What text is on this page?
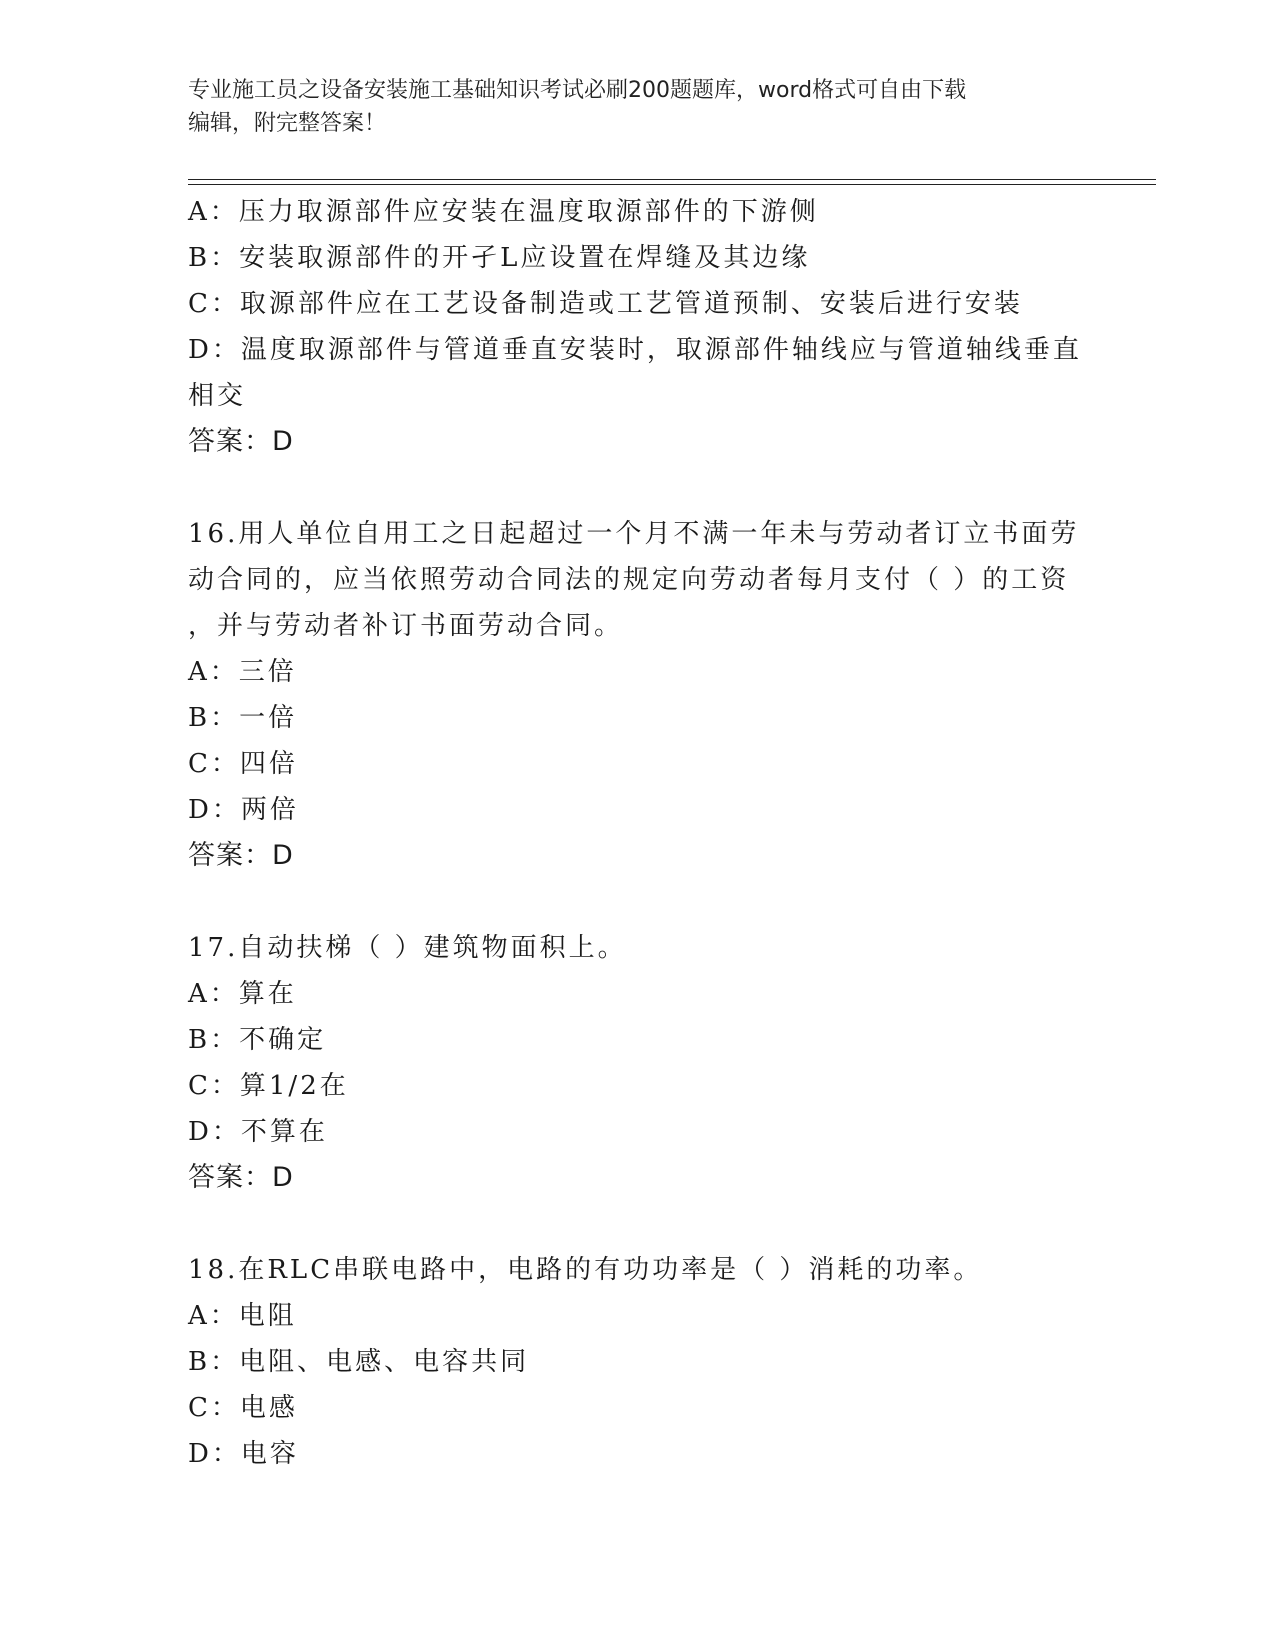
专业施工员之设备安装施工基础知识考试必刷200题题库，word格式可自由下载
编辑，附完整答案！
A：压力取源部件应安装在温度取源部件的下游侧
B：安装取源部件的开孑L应设置在焊缝及其边缘
C：取源部件应在工艺设备制造或工艺管道预制、安装后进行安装
D：温度取源部件与管道垂直安装时，取源部件轴线应与管道轴线垂直
相交
答案：D
16.用人单位自用工之日起超过一个月不满一年未与劳动者订立书面劳
动合同的，应当依照劳动合同法的规定向劳动者每月支付（ ）的工资
，并与劳动者补订书面劳动合同。
A：三倍
B：一倍
C：四倍
D：两倍
答案：D
17.自动扶梯（ ）建筑物面积上。
A：算在
B：不确定
C：算1/2在
D：不算在
答案：D
18.在RLC串联电路中，电路的有功功率是（ ）消耗的功率。
A：电阻
B：电阻、电感、电容共同
C：电感
D：电容
